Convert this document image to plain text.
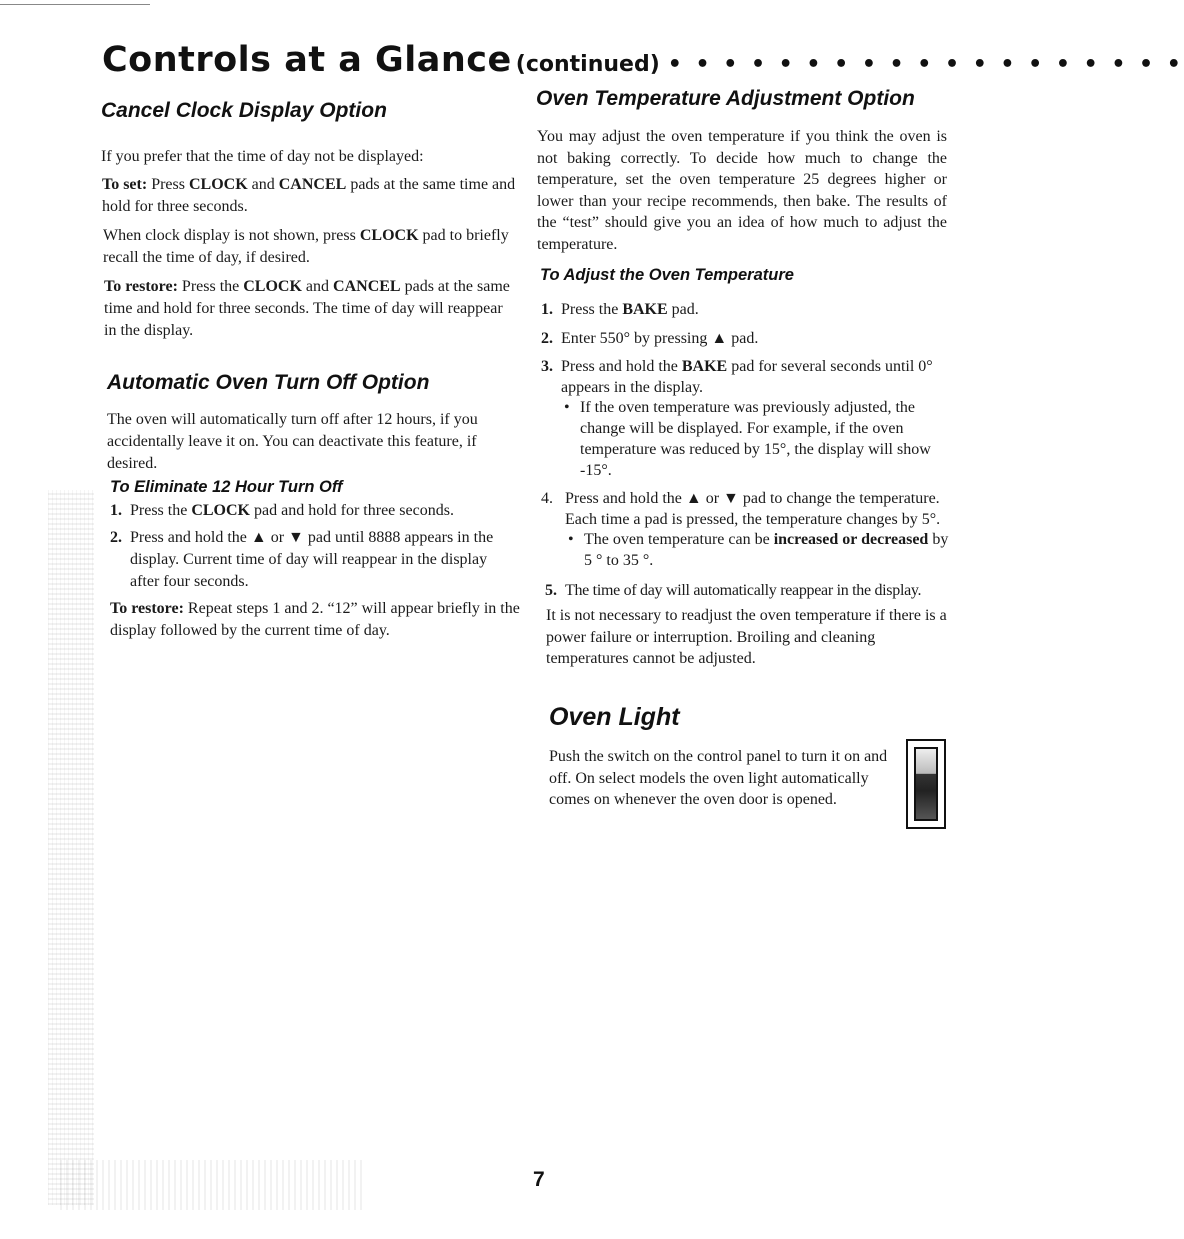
Controls at a Glance (continued) • • • • • • • • • • • • • • • • • • •
Cancel Clock Display Option

If you prefer that the time of day not be displayed:

To set: Press CLOCK and CANCEL pads at the same time and hold for three seconds.

When clock display is not shown, press CLOCK pad to briefly recall the time of day, if desired.

To restore: Press the CLOCK and CANCEL pads at the same time and hold for three seconds. The time of day will reappear in the display.

Automatic Oven Turn Off Option

The oven will automatically turn off after 12 hours, if you accidentally leave it on. You can deactivate this feature, if desired.

To Eliminate 12 Hour Turn Off
1. Press the CLOCK pad and hold for three seconds.
2. Press and hold the ▲ or ▼ pad until 8888 appears in the display. Current time of day will reappear in the display after four seconds.

To restore: Repeat steps 1 and 2. “12” will appear briefly in the display followed by the current time of day.

Oven Temperature Adjustment Option

You may adjust the oven temperature if you think the oven is not baking correctly. To decide how much to change the temperature, set the oven temperature 25 degrees higher or lower than your recipe recommends, then bake. The results of the “test” should give you an idea of how much to adjust the temperature.

To Adjust the Oven Temperature
1. Press the BAKE pad.
2. Enter 550° by pressing ▲ pad.
3. Press and hold the BAKE pad for several seconds until 0° appears in the display.
• If the oven temperature was previously adjusted, the change will be displayed. For example, if the oven temperature was reduced by 15°, the display will show -15°.
4. Press and hold the ▲ or ▼ pad to change the temperature. Each time a pad is pressed, the temperature changes by 5°.
• The oven temperature can be increased or decreased by 5 ° to 35 °.
5. The time of day will automatically reappear in the display.

It is not necessary to readjust the oven temperature if there is a power failure or interruption. Broiling and cleaning temperatures cannot be adjusted.

Oven Light

Push the switch on the control panel to turn it on and off. On select models the oven light automatically comes on whenever the oven door is opened.

7
